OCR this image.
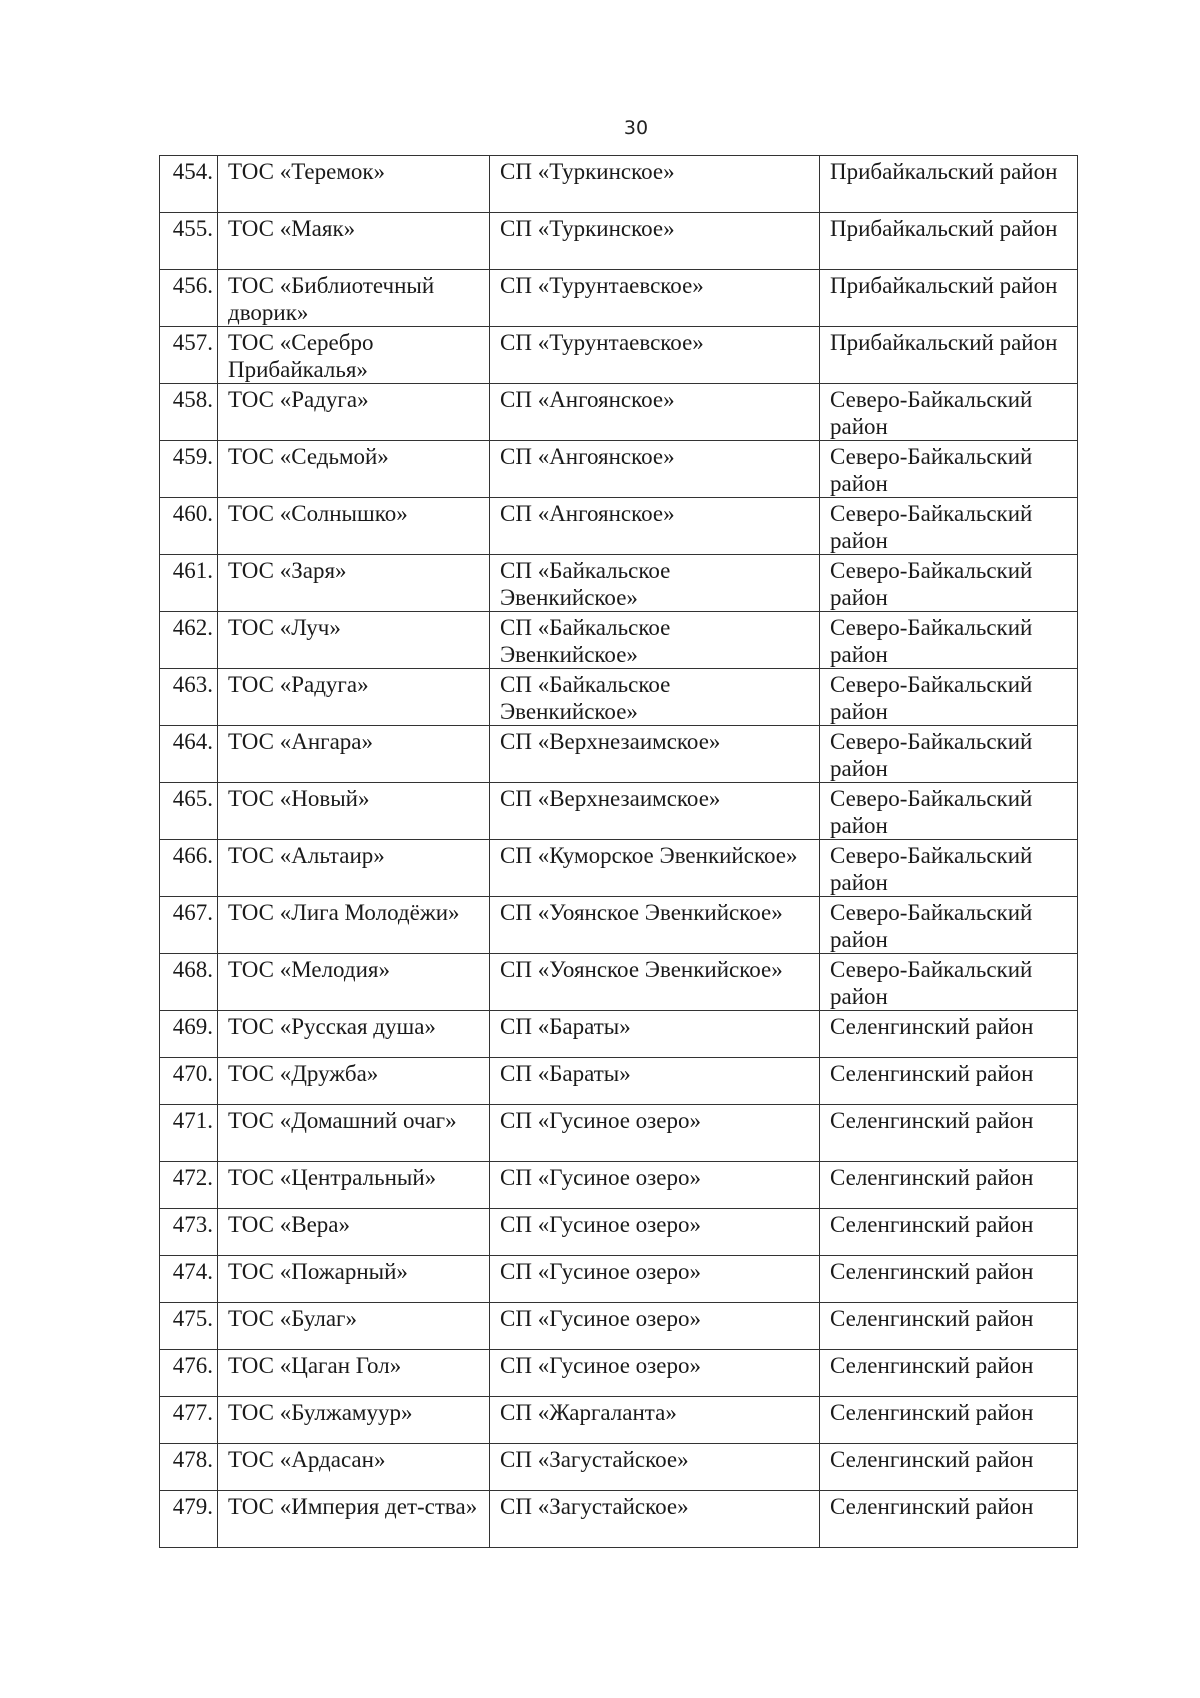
30
454.	ТОС «Теремок»	СП «Туркинское»	Прибайкальский район
455.	ТОС «Маяк»	СП «Туркинское»	Прибайкальский район
456.	ТОС «Библиотечный дворик»	СП «Турунтаевское»	Прибайкальский район
457.	ТОС «Серебро Прибайкалья»	СП «Турунтаевское»	Прибайкальский район
458.	ТОС «Радуга»	СП «Ангоянское»	Северо-Байкальский район
459.	ТОС «Седьмой»	СП «Ангоянское»	Северо-Байкальский район
460.	ТОС «Солнышко»	СП «Ангоянское»	Северо-Байкальский район
461.	ТОС «Заря»	СП «Байкальское Эвенкийское»	Северо-Байкальский район
462.	ТОС «Луч»	СП «Байкальское Эвенкийское»	Северо-Байкальский район
463.	ТОС «Радуга»	СП «Байкальское Эвенкийское»	Северо-Байкальский район
464.	ТОС «Ангара»	СП «Верхнезаимское»	Северо-Байкальский район
465.	ТОС «Новый»	СП «Верхнезаимское»	Северо-Байкальский район
466.	ТОС «Альтаир»	СП «Куморское Эвенкийское»	Северо-Байкальский район
467.	ТОС «Лига Молодёжи»	СП «Уоянское Эвенкийское»	Северо-Байкальский район
468.	ТОС «Мелодия»	СП «Уоянское Эвенкийское»	Северо-Байкальский район
469.	ТОС «Русская душа»	СП «Бараты»	Селенгинский район
470.	ТОС «Дружба»	СП «Бараты»	Селенгинский район
471.	ТОС «Домашний очаг»	СП «Гусиное озеро»	Селенгинский район
472.	ТОС «Центральный»	СП «Гусиное озеро»	Селенгинский район
473.	ТОС «Вера»	СП «Гусиное озеро»	Селенгинский район
474.	ТОС «Пожарный»	СП «Гусиное озеро»	Селенгинский район
475.	ТОС «Булаг»	СП «Гусиное озеро»	Селенгинский район
476.	ТОС «Цаган Гол»	СП «Гусиное озеро»	Селенгинский район
477.	ТОС «Булжамуур»	СП «Жаргаланта»	Селенгинский район
478.	ТОС «Ардасан»	СП «Загустайское»	Селенгинский район
479.	ТОС «Империя дет-ства»	СП «Загустайское»	Селенгинский район
